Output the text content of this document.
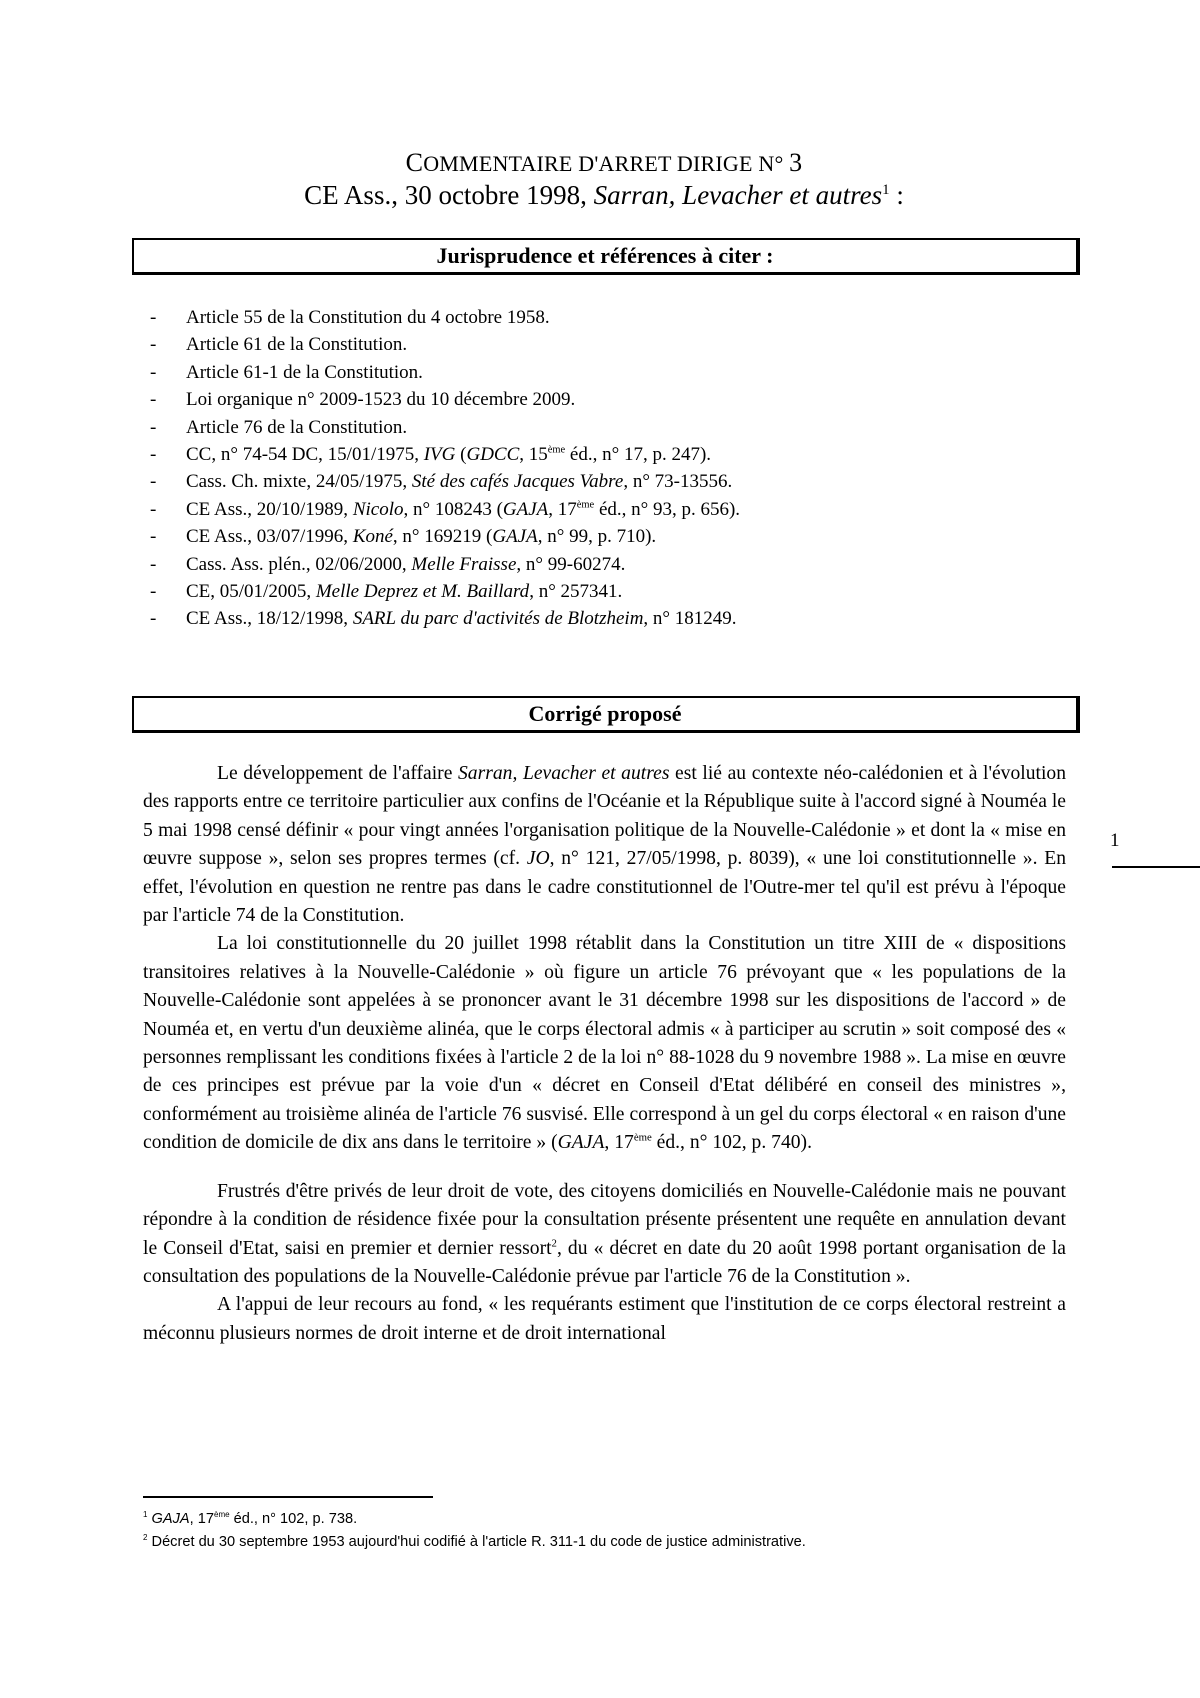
COMMENTAIRE D'ARRET DIRIGE N° 3
CE Ass., 30 octobre 1998, Sarran, Levacher et autres$^1$ :
Jurisprudence et références à citer :
- Article 55 de la Constitution du 4 octobre 1958.
- Article 61 de la Constitution.
- Article 61-1 de la Constitution.
- Loi organique n° 2009-1523 du 10 décembre 2009.
- Article 76 de la Constitution.
- CC, n° 74-54 DC, 15/01/1975, IVG (GDCC, 15ème éd., n° 17, p. 247).
- Cass. Ch. mixte, 24/05/1975, Sté des cafés Jacques Vabre, n° 73-13556.
- CE Ass., 20/10/1989, Nicolo, n° 108243 (GAJA, 17ème éd., n° 93, p. 656).
- CE Ass., 03/07/1996, Koné, n° 169219 (GAJA, n° 99, p. 710).
- Cass. Ass. plén., 02/06/2000, Melle Fraisse, n° 99-60274.
- CE, 05/01/2005, Melle Deprez et M. Baillard, n° 257341.
- CE Ass., 18/12/1998, SARL du parc d'activités de Blotzheim, n° 181249.
Corrigé proposé

Le développement de l'affaire Sarran, Levacher et autres est lié au contexte néo-calédonien et à l'évolution des rapports entre ce territoire particulier aux confins de l'Océanie et la République suite à l'accord signé à Nouméa le 5 mai 1998 censé définir « pour vingt années l'organisation politique de la Nouvelle-Calédonie » et dont la « mise en œuvre suppose », selon ses propres termes (cf. JO, n° 121, 27/05/1998, p. 8039), « une loi constitutionnelle ». En effet, l'évolution en question ne rentre pas dans le cadre constitutionnel de l'Outre-mer tel qu'il est prévu à l'époque par l'article 74 de la Constitution.

La loi constitutionnelle du 20 juillet 1998 rétablit dans la Constitution un titre XIII de « dispositions transitoires relatives à la Nouvelle-Calédonie » où figure un article 76 prévoyant que « les populations de la Nouvelle-Calédonie sont appelées à se prononcer avant le 31 décembre 1998 sur les dispositions de l'accord » de Nouméa et, en vertu d'un deuxième alinéa, que le corps électoral admis « à participer au scrutin » soit composé des « personnes remplissant les conditions fixées à l'article 2 de la loi n° 88-1028 du 9 novembre 1988 ». La mise en œuvre de ces principes est prévue par la voie d'un « décret en Conseil d'Etat délibéré en conseil des ministres », conformément au troisième alinéa de l'article 76 susvisé. Elle correspond à un gel du corps électoral « en raison d'une condition de domicile de dix ans dans le territoire » (GAJA, 17ème éd., n° 102, p. 740).

Frustrés d'être privés de leur droit de vote, des citoyens domiciliés en Nouvelle-Calédonie mais ne pouvant répondre à la condition de résidence fixée pour la consultation présente présentent une requête en annulation devant le Conseil d'Etat, saisi en premier et dernier ressort$^2$, du « décret en date du 20 août 1998 portant organisation de la consultation des populations de la Nouvelle-Calédonie prévue par l'article 76 de la Constitution ».

A l'appui de leur recours au fond, « les requérants estiment que l'institution de ce corps électoral restreint a méconnu plusieurs normes de droit interne et de droit international

1
$^1$ GAJA, 17ème éd., n° 102, p. 738.
$^2$ Décret du 30 septembre 1953 aujourd'hui codifié à l'article R. 311-1 du code de justice administrative.
